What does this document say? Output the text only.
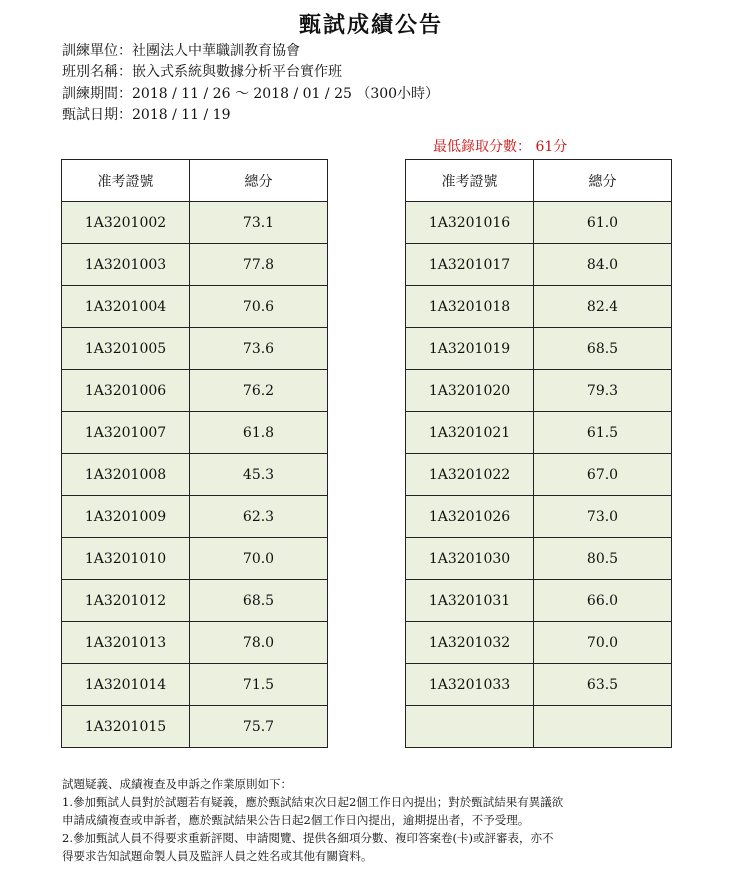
甄試成績公告
訓練單位：社團法人中華職訓教育協會
班別名稱：嵌入式系統與數據分析平台實作班
訓練期間：2018 / 11 / 26 ～ 2018 / 01 / 25 （300小時）
甄試日期：2018 / 11 / 19
最低錄取分數： 61分
准考證號	總分
1A3201002	73.1
1A3201003	77.8
1A3201004	70.6
1A3201005	73.6
1A3201006	76.2
1A3201007	61.8
1A3201008	45.3
1A3201009	62.3
1A3201010	70.0
1A3201012	68.5
1A3201013	78.0
1A3201014	71.5
1A3201015	75.7
准考證號	總分
1A3201016	61.0
1A3201017	84.0
1A3201018	82.4
1A3201019	68.5
1A3201020	79.3
1A3201021	61.5
1A3201022	67.0
1A3201026	73.0
1A3201030	80.5
1A3201031	66.0
1A3201032	70.0
1A3201033	63.5

試題疑義、成績複查及申訴之作業原則如下：
1.參加甄試人員對於試題若有疑義，應於甄試結束次日起2個工作日內提出；對於甄試結果有異議欲
申請成績複查或申訴者，應於甄試結果公告日起2個工作日內提出，逾期提出者，不予受理。
2.參加甄試人員不得要求重新評閱、申請閱覽、提供各細項分數、複印答案卷(卡)或評審表，亦不
得要求告知試題命製人員及監評人員之姓名或其他有關資料。
